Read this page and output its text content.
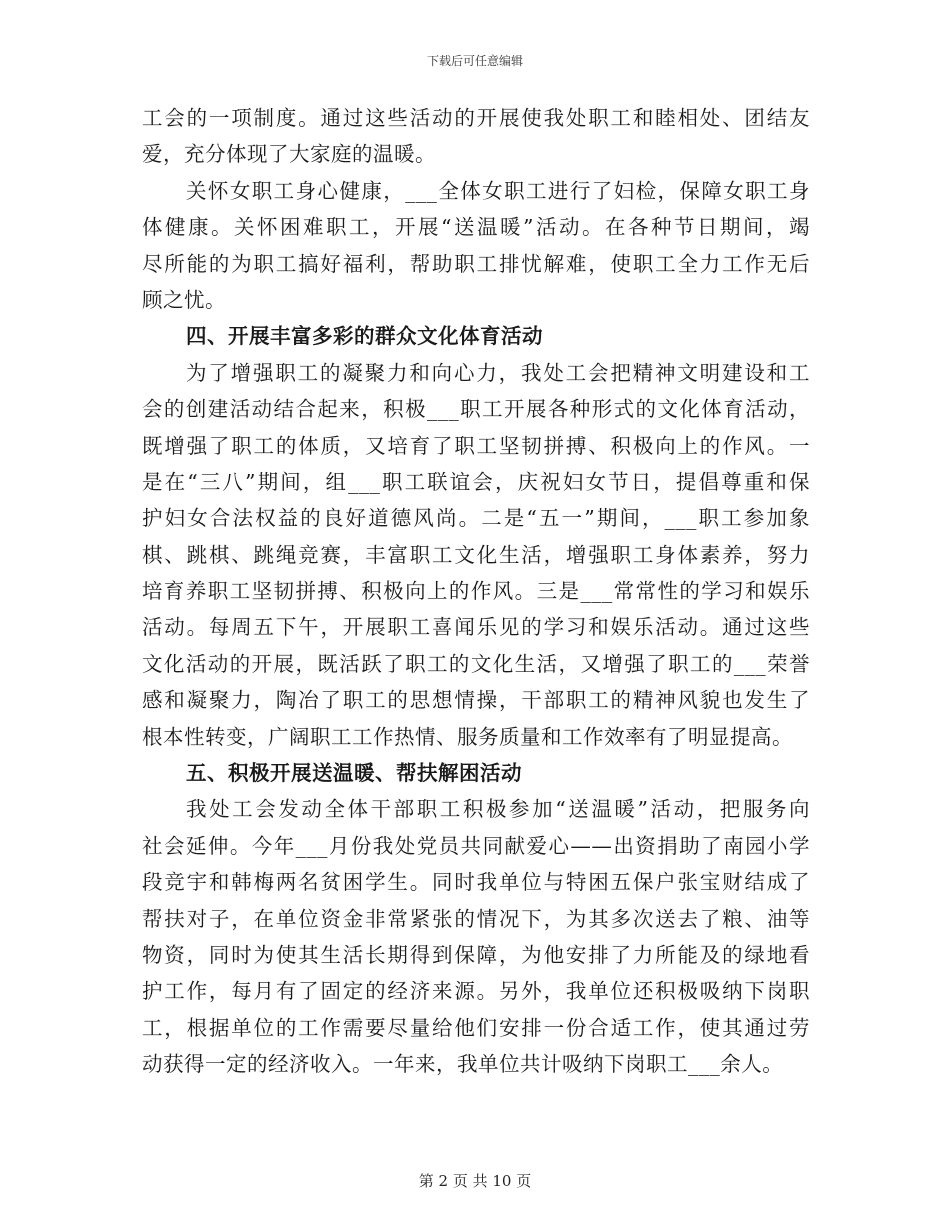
下载后可任意编辑
工会的一项制度。通过这些活动的开展使我处职工和睦相处、团结友
爱，充分体现了大家庭的温暖。
关怀女职工身心健康，___全体女职工进行了妇检，保障女职工身
体健康。关怀困难职工，开展“送温暖”活动。在各种节日期间，竭
尽所能的为职工搞好福利，帮助职工排忧解难，使职工全力工作无后
顾之忧。
四、开展丰富多彩的群众文化体育活动
为了增强职工的凝聚力和向心力，我处工会把精神文明建设和工
会的创建活动结合起来，积极___职工开展各种形式的文化体育活动，
既增强了职工的体质，又培育了职工坚韧拼搏、积极向上的作风。一
是在“三八”期间，组___职工联谊会，庆祝妇女节日，提倡尊重和保
护妇女合法权益的良好道德风尚。二是“五一”期间，___职工参加象
棋、跳棋、跳绳竞赛，丰富职工文化生活，增强职工身体素养，努力
培育养职工坚韧拼搏、积极向上的作风。三是___常常性的学习和娱乐
活动。每周五下午，开展职工喜闻乐见的学习和娱乐活动。通过这些
文化活动的开展，既活跃了职工的文化生活，又增强了职工的___荣誉
感和凝聚力，陶冶了职工的思想情操，干部职工的精神风貌也发生了
根本性转变，广阔职工工作热情、服务质量和工作效率有了明显提高。
五、积极开展送温暖、帮扶解困活动
我处工会发动全体干部职工积极参加“送温暖”活动，把服务向
社会延伸。今年___月份我处党员共同献爱心——出资捐助了南园小学
段竞宇和韩梅两名贫困学生。同时我单位与特困五保户张宝财结成了
帮扶对子，在单位资金非常紧张的情况下，为其多次送去了粮、油等
物资，同时为使其生活长期得到保障，为他安排了力所能及的绿地看
护工作，每月有了固定的经济来源。另外，我单位还积极吸纳下岗职
工，根据单位的工作需要尽量给他们安排一份合适工作，使其通过劳
动获得一定的经济收入。一年来，我单位共计吸纳下岗职工___余人。
第 2 页 共 10 页
